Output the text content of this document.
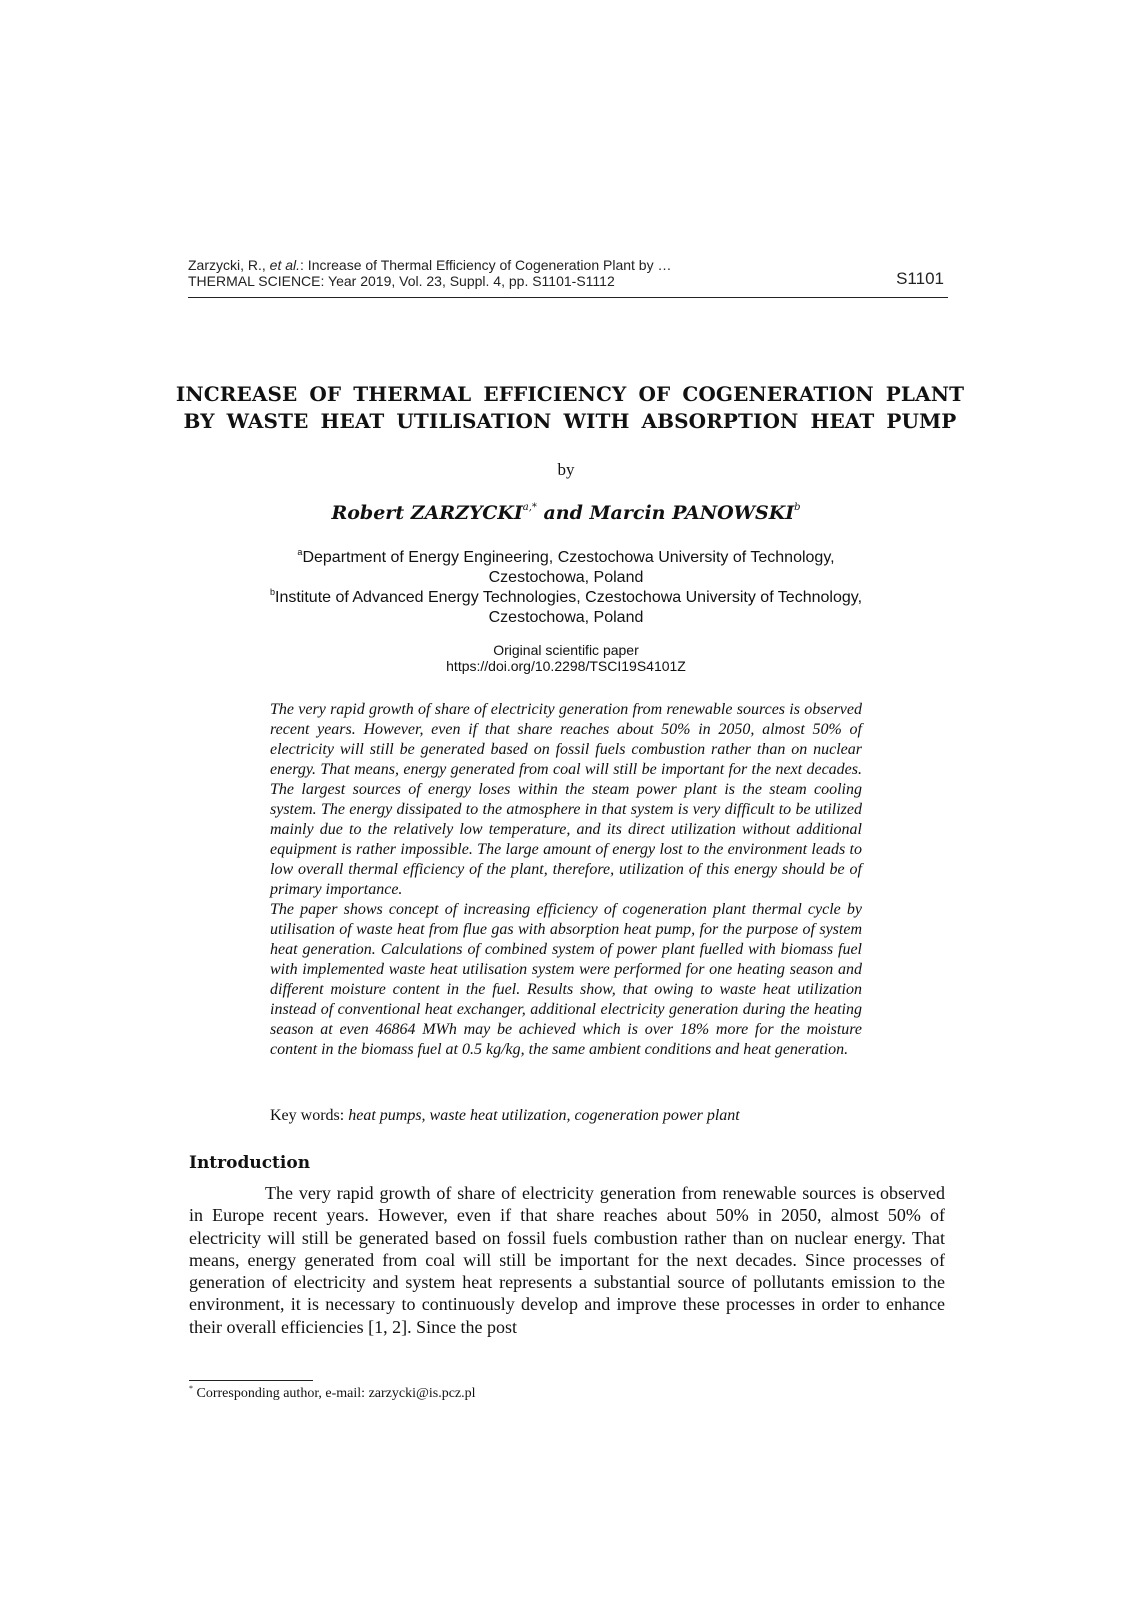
Zarzycki, R., et al.: Increase of Thermal Efficiency of Cogeneration Plant by …
THERMAL SCIENCE: Year 2019, Vol. 23, Suppl. 4, pp. S1101-S1112	S1101
INCREASE OF THERMAL EFFICIENCY OF COGENERATION PLANT
BY WASTE HEAT UTILISATION WITH ABSORPTION HEAT PUMP
by
Robert $ZARZYCKI^{a,*}$ and Marcin PANOWSKI$^b$
$^a$Department of Energy Engineering, Czestochowa University of Technology,
Czestochowa, Poland
$^b$Institute of Advanced Energy Technologies, Czestochowa University of Technology,
Czestochowa, Poland
Original scientific paper
https://doi.org/10.2298/TSCI19S4101Z

The very rapid growth of share of electricity generation from renewable sources is observed recent years. However, even if that share reaches about 50% in 2050, almost 50% of electricity will still be generated based on fossil fuels combustion rather than on nuclear energy. That means, energy generated from coal will still be important for the next decades. The largest sources of energy loses within the steam power plant is the steam cooling system. The energy dissipated to the atmosphere in that system is very difficult to be utilized mainly due to the relatively low temperature, and its direct utilization without additional equipment is rather impossible. The large amount of energy lost to the environment leads to low overall thermal efficiency of the plant, therefore, utilization of this energy should be of primary importance.

The paper shows concept of increasing efficiency of cogeneration plant thermal cycle by utilisation of waste heat from flue gas with absorption heat pump, for the purpose of system heat generation. Calculations of combined system of power plant fuelled with biomass fuel with implemented waste heat utilisation system were performed for one heating season and different moisture content in the fuel. Results show, that owing to waste heat utilization instead of conventional heat exchanger, additional electricity generation during the heating season at even 46864 MWh may be achieved which is over 18% more for the moisture content in the biomass fuel at 0.5 kg/kg, the same ambient conditions and heat generation.

Key words: heat pumps, waste heat utilization, cogeneration power plant
Introduction
The very rapid growth of share of electricity generation from renewable sources is observed in Europe recent years. However, even if that share reaches about 50% in 2050, almost 50% of electricity will still be generated based on fossil fuels combustion rather than on nuclear energy. That means, energy generated from coal will still be important for the next decades. Since processes of generation of electricity and system heat represents a substantial source of pollutants emission to the environment, it is necessary to continuously develop and improve these processes in order to enhance their overall efficiencies [1, 2]. Since the post
* Corresponding author, e-mail: zarzycki@is.pcz.pl
